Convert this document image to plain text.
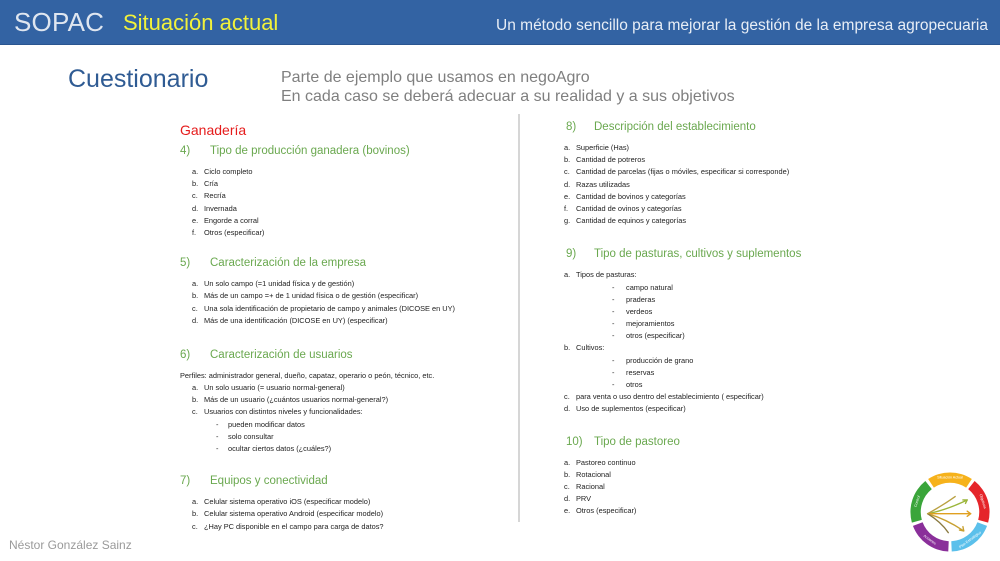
SOPAC Situación actual	Un método sencillo para mejorar la gestión de la empresa agropecuaria
Cuestionario	Parte de ejemplo que usamos en negoAgro
En cada caso se deberá adecuar a su realidad y a sus objetivos
Ganadería
4) Tipo de producción ganadera (bovinos)
a. Ciclo completo
b. Cría
c. Recría
d. Invernada
e. Engorde a corral
f. Otros (especificar)
5) Caracterización de la empresa
a. Un solo campo (=1 unidad física y de gestión)
b. Más de un campo =+ de 1 unidad física o de gestión (especificar)
c. Una sola identificación de propietario de campo y animales (DICOSE en UY)
d. Más de una identificación (DICOSE en UY) (especificar)
6) Caracterización de usuarios
Perfiles: administrador general, dueño, capataz, operario o peón, técnico, etc.
a. Un solo usuario (= usuario normal-general)
b. Más de un usuario (¿cuántos usuarios normal-general?)
c. Usuarios con distintos niveles y funcionalidades:
- pueden modificar datos
- solo consultar
- ocultar ciertos datos (¿cuáles?)
7) Equipos y conectividad
a. Celular sistema operativo iOS (especificar modelo)
b. Celular sistema operativo Android (especificar modelo)
c. ¿Hay PC disponible en el campo para carga de datos?
8) Descripción del establecimiento
a. Superficie (Has)
b. Cantidad de potreros
c. Cantidad de parcelas (fijas o móviles, especificar si corresponde)
d. Razas utilizadas
e. Cantidad de bovinos y categorías
f. Cantidad de ovinos y categorías
g. Cantidad de equinos y categorías
9) Tipo de pasturas, cultivos y suplementos
a. Tipos de pasturas:
- campo natural
- praderas
- verdeos
- mejoramientos
- otros (especificar)
b. Cultivos:
- producción de grano
- reservas
- otros
c. para venta o uso dentro del establecimiento ( especificar)
d. Uso de suplementos (especificar)
10) Tipo de pastoreo
a. Pastoreo continuo
b. Rotacional
c. Racional
d. PRV
e. Otros (especificar)
Néstor González Sainz
Situación Actual
Objetivos
Plan Estratégico
Acciones
Control
